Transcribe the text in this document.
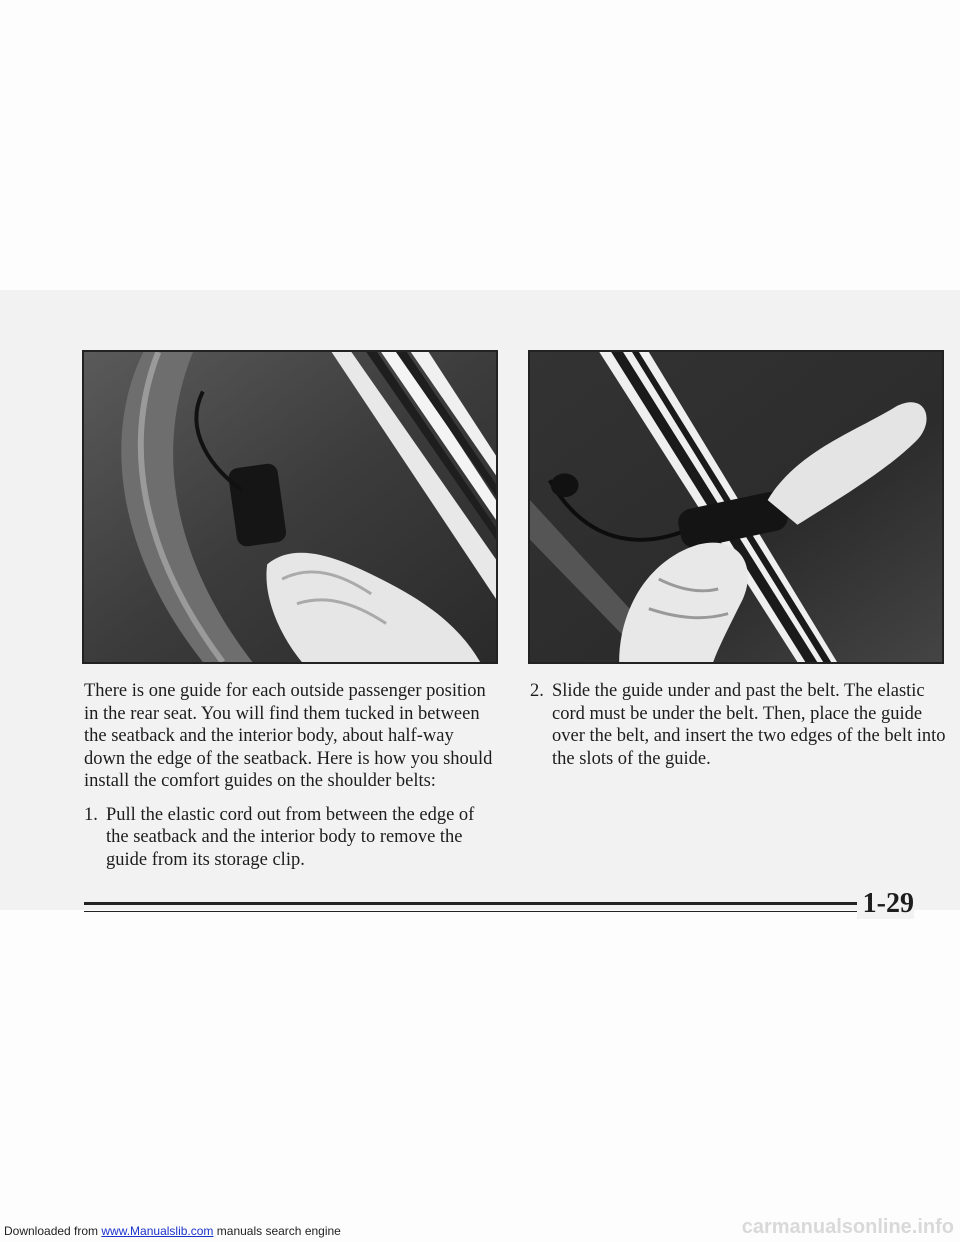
There is one guide for each outside passenger position in the rear seat. You will find them tucked in between the seatback and the interior body, about half-way down the edge of the seatback. Here is how you should install the comfort guides on the shoulder belts:

1. Pull the elastic cord out from between the edge of the seatback and the interior body to remove the guide from its storage clip.
2. Slide the guide under and past the belt. The elastic cord must be under the belt. Then, place the guide over the belt, and insert the two edges of the belt into the slots of the guide.
1-29
Downloaded from www.Manualslib.com manuals search engine	carmanualsonline.info
